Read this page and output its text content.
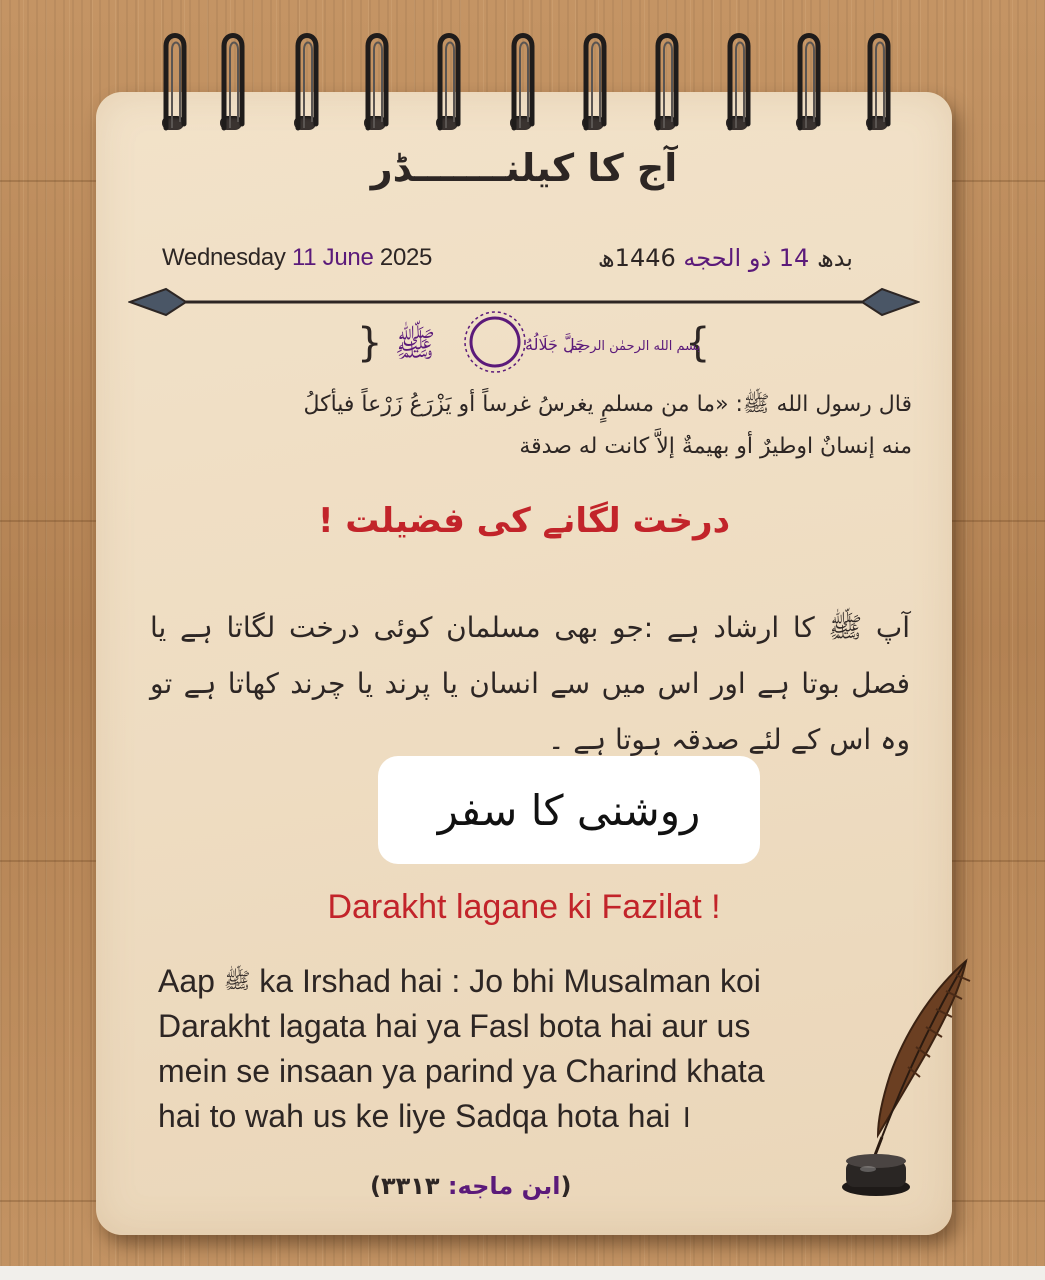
آج کا کیلنـــــــڈر
Wednesday 11 June 2025	بدھ 14 ذو الحجه 1446ھ
}	{
ﷺ	جَلَّ جَلَالُهُ
بسم الله الرحمٰن الرحيم
قال رسول الله ﷺ: «ما من مسلمٍ يغرسُ غرساً أو يَزْرَعُ زَرْعاً فيأكلُ
منه إنسانٌ اوطيرٌ أو بهيمةٌ إلاَّ كانت له صدقة
درخت لگانے کی فضیلت !
آپ ﷺ کا ارشاد ہے :جو بھی مسلمان کوئی درخت لگاتا ہے یا فصل بوتا ہے اور اس میں سے انسان یا پرند یا چرند کھاتا ہے تو وہ اس کے لئے صدقہ ہوتا ہے ۔
روشنی کا سفر
Darakht lagane ki Fazilat !
Aap ﷺ ka Irshad hai : Jo bhi Musalman koi
Darakht lagata hai ya Fasl bota hai aur us
mein se insaan ya parind ya Charind khata
hai to wah us ke liye Sadqa hota hai ।
(ابن ماجه: ٣٣١٣)
